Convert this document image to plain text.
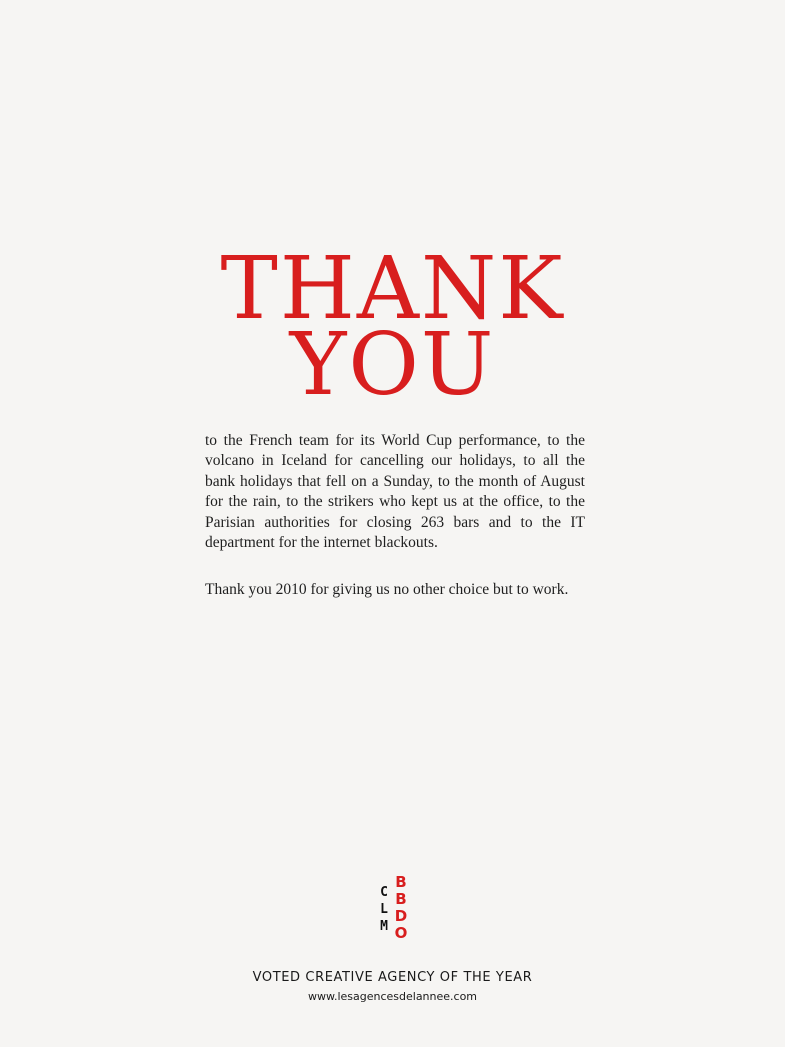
THANK
YOU

to the French team for its World Cup performance, to the volcano in Iceland for cancelling our holidays, to all the bank holidays that fell on a Sunday, to the month of August for the rain, to the strikers who kept us at the office, to the Parisian authorities for closing 263 bars and to the IT department for the internet blackouts.

Thank you 2010 for giving us no other choice but to work.

C
L
M
B
B
D
O

VOTED CREATIVE AGENCY OF THE YEAR

www.lesagencesdelannee.com
